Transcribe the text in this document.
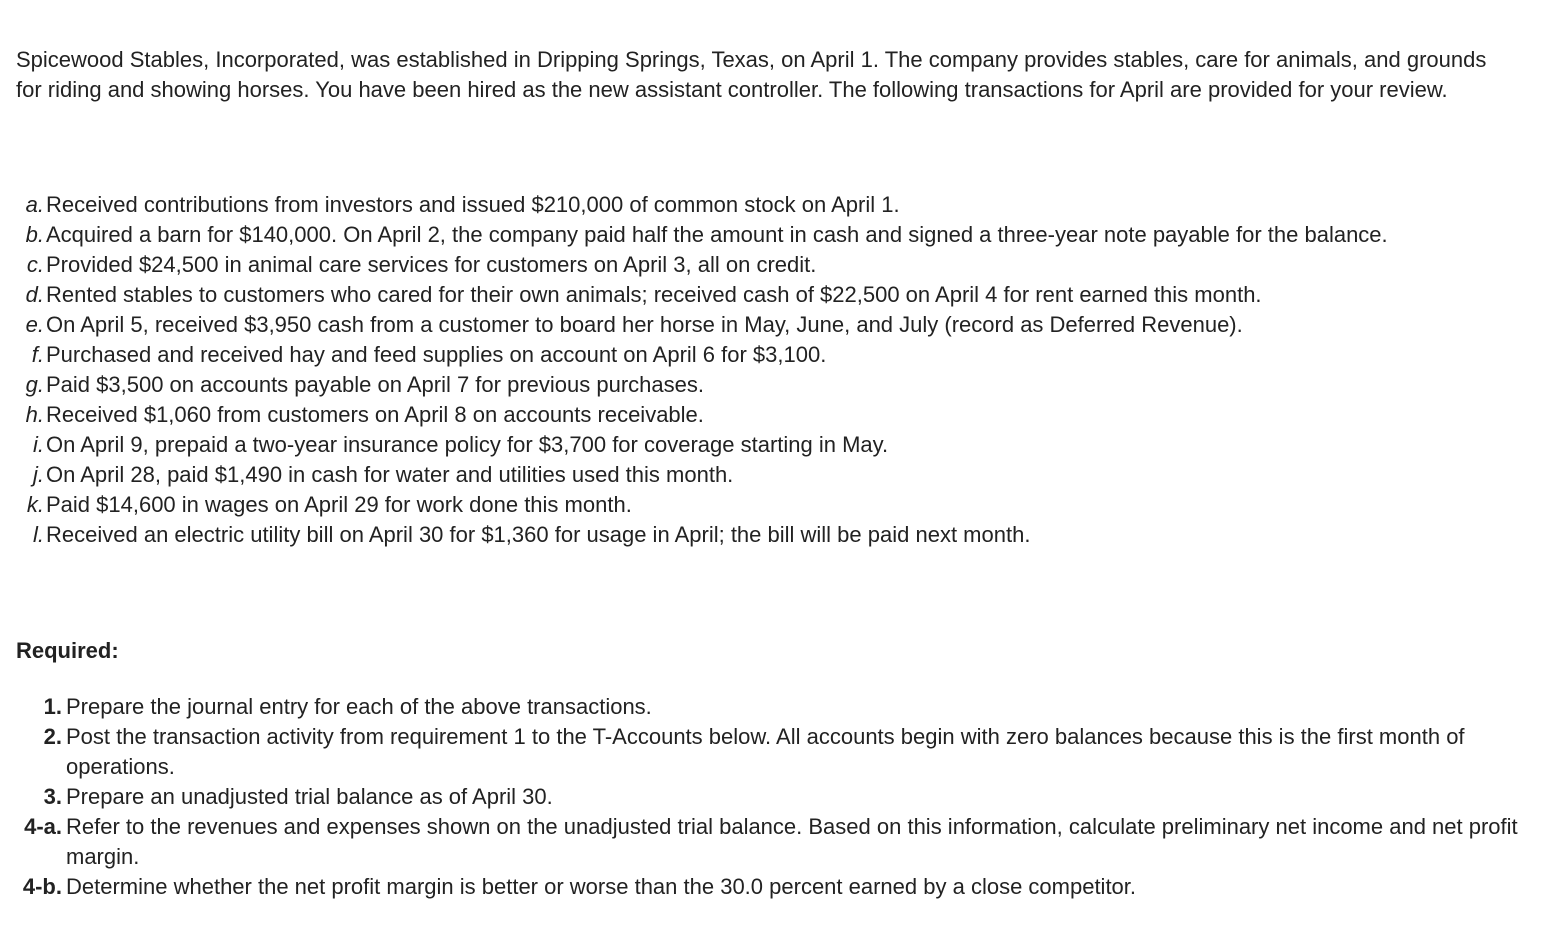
Spicewood Stables, Incorporated, was established in Dripping Springs, Texas, on April 1. The company provides stables, care for animals, and grounds for riding and showing horses. You have been hired as the new assistant controller. The following transactions for April are provided for your review.
a. Received contributions from investors and issued $210,000 of common stock on April 1.
b. Acquired a barn for $140,000. On April 2, the company paid half the amount in cash and signed a three-year note payable for the balance.
c. Provided $24,500 in animal care services for customers on April 3, all on credit.
d. Rented stables to customers who cared for their own animals; received cash of $22,500 on April 4 for rent earned this month.
e. On April 5, received $3,950 cash from a customer to board her horse in May, June, and July (record as Deferred Revenue).
f. Purchased and received hay and feed supplies on account on April 6 for $3,100.
g. Paid $3,500 on accounts payable on April 7 for previous purchases.
h. Received $1,060 from customers on April 8 on accounts receivable.
i. On April 9, prepaid a two-year insurance policy for $3,700 for coverage starting in May.
j. On April 28, paid $1,490 in cash for water and utilities used this month.
k. Paid $14,600 in wages on April 29 for work done this month.
l. Received an electric utility bill on April 30 for $1,360 for usage in April; the bill will be paid next month.
Required:
1. Prepare the journal entry for each of the above transactions.
2. Post the transaction activity from requirement 1 to the T-Accounts below. All accounts begin with zero balances because this is the first month of operations.
3. Prepare an unadjusted trial balance as of April 30.
4-a. Refer to the revenues and expenses shown on the unadjusted trial balance. Based on this information, calculate preliminary net income and net profit margin.
4-b. Determine whether the net profit margin is better or worse than the 30.0 percent earned by a close competitor.
